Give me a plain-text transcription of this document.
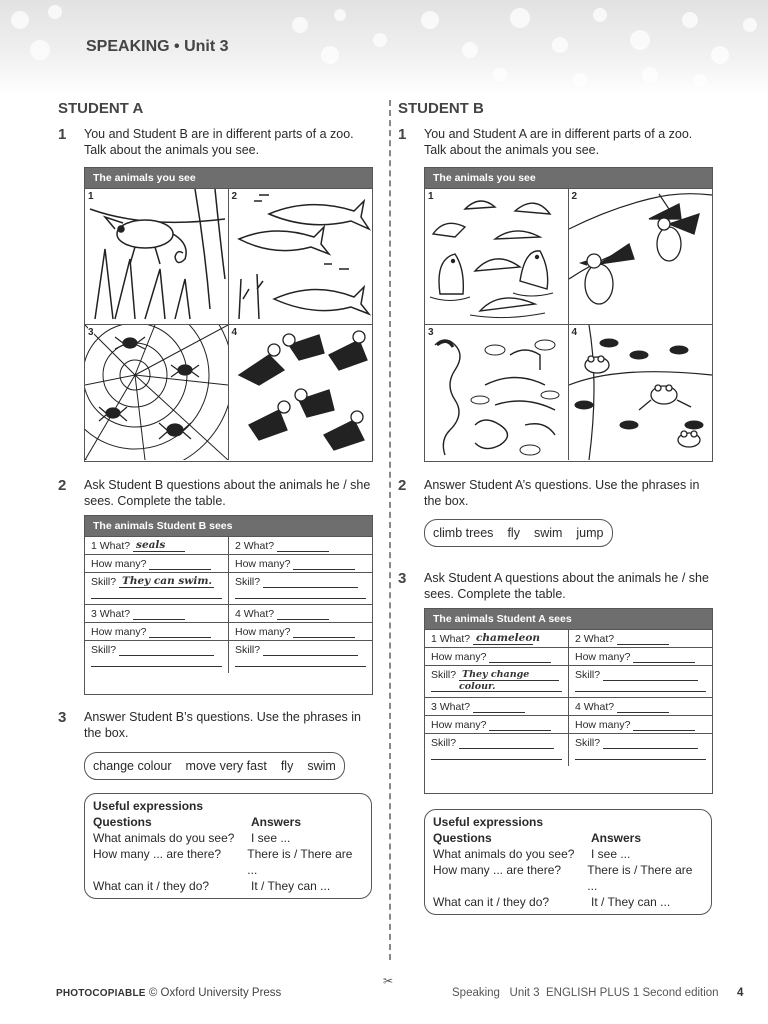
SPEAKING • Unit 3
STUDENT A
1 You and Student B are in different parts of a zoo. Talk about the animals you see.
The animals you see
1	2
3	4
2 Ask Student B questions about the animals he / she sees. Complete the table.
The animals Student B sees
1 What? seals	2 What?
How many?	How many?
Skill? They can swim.	Skill?

3 What?	4 What?
How many?	How many?
Skill?	Skill?
3 Answer Student B’s questions. Use the phrases in the box.
change colour move very fast fly swim
Useful expressions
Questions	Answers
What animals do you see?	I see ...
How many ... are there?	There is / There are ...
What can it / they do?	It / They can ...
✂
STUDENT B
1 You and Student A are in different parts of a zoo. Talk about the animals you see.
The animals you see
1	2
3	4
2 Answer Student A’s questions. Use the phrases in the box.
climb trees fly swim jump
3 Ask Student A questions about the animals he / she sees. Complete the table.
The animals Student A sees
1 What? chameleon	2 What?
How many?	How many?
Skill? They change colour.	Skill?

3 What?	4 What?
How many?	How many?
Skill?	Skill?
Useful expressions
Questions	Answers
What animals do you see?	I see ...
How many ... are there?	There is / There are ...
What can it / they do?	It / They can ...
PHOTOCOPIABLE © Oxford University Press	Speaking   Unit 3  ENGLISH PLUS 1 Second edition 4
